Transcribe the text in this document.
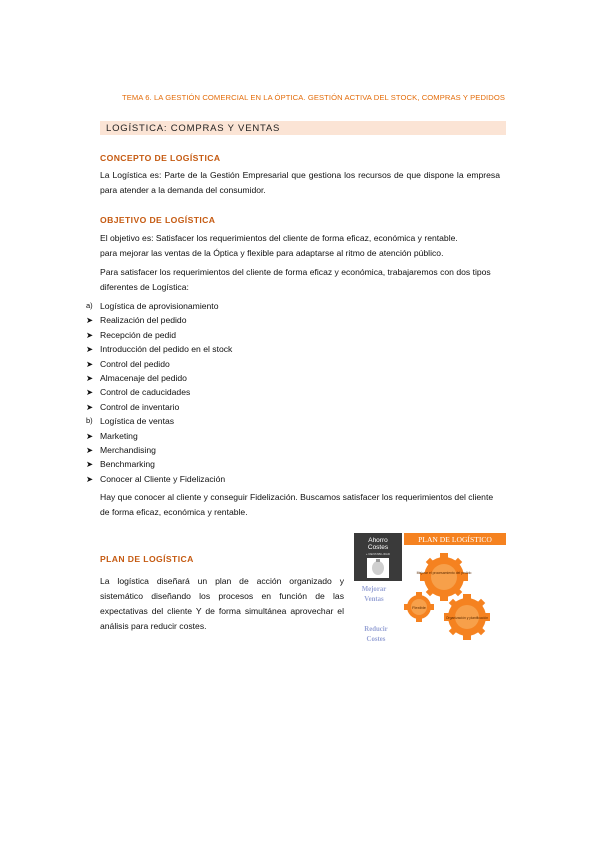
TEMA 6. LA GESTIÓN COMERCIAL EN LA ÓPTICA. GESTIÓN ACTIVA DEL STOCK, COMPRAS Y PEDIDOS
LOGÍSTICA: COMPRAS Y VENTAS
CONCEPTO DE LOGÍSTICA
La Logística es: Parte de la Gestión Empresarial que gestiona los recursos de que dispone la empresa para atender a la demanda del consumidor.
OBJETIVO DE LOGÍSTICA
El objetivo es: Satisfacer los requerimientos del cliente de forma eficaz, económica y rentable.
para mejorar las ventas de la Óptica y flexible para adaptarse al ritmo de atención público.
Para satisfacer los requerimientos del cliente de forma eficaz y económica, trabajaremos con dos tipos diferentes de Logística:
a) Logística de aprovisionamiento
➤ Realización del pedido
➤ Recepción de pedid
➤ Introducción del pedido en el stock
➤ Control del pedido
➤ Almacenaje del pedido
➤ Control de caducidades
➤ Control de inventario
b) Logística de ventas
➤ Marketing
➤ Merchandising
➤ Benchmarking
➤ Conocer al Cliente y Fidelización
Hay que conocer al cliente y conseguir Fidelización. Buscamos satisfacer los requerimientos del cliente de forma eficaz, económica y rentable.
PLAN DE LOGÍSTICA
La logística diseñará un plan de acción organizado y sistemático diseñando los procesos en función de las expectativas del cliente Y de forma simultánea aprovechar el análisis para reducir costes.
Ahorro
Costes
+ RENTABILIDAD
PLAN DE LOGÍSTICO
Mejorar
Ventas
Reducir
Costes
Mejorar el procesamiento del pedido
Flexible
Organización y planificación
